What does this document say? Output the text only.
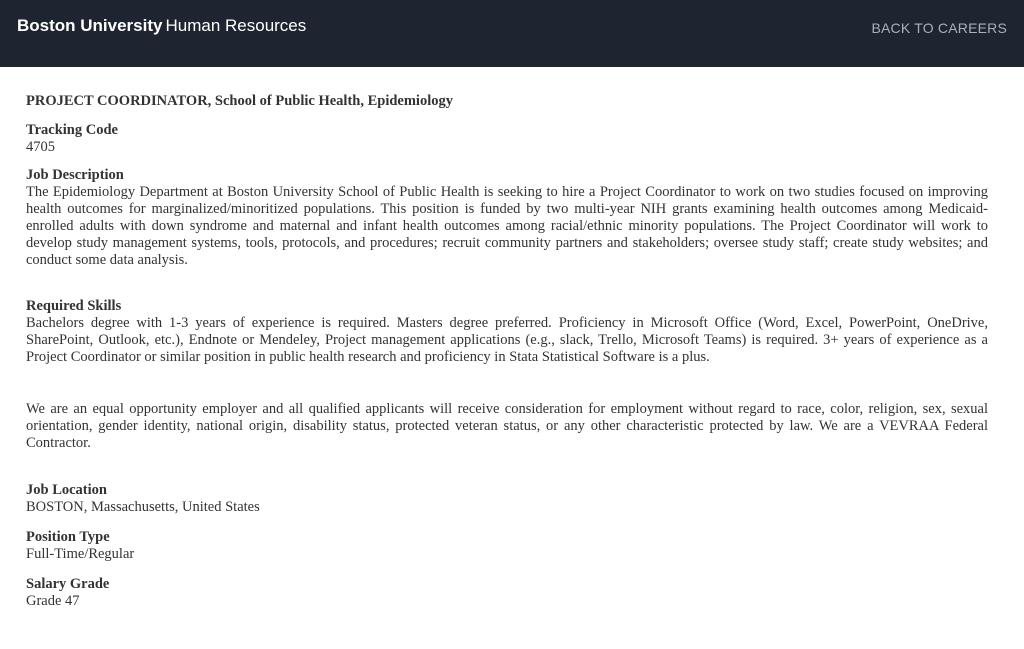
Boston University Human Resources	BACK TO CAREERS
PROJECT COORDINATOR, School of Public Health, Epidemiology
Tracking Code
4705
Job Description
The Epidemiology Department at Boston University School of Public Health is seeking to hire a Project Coordinator to work on two studies focused on improving health outcomes for marginalized/minoritized populations. This position is funded by two multi-year NIH grants examining health outcomes among Medicaid-enrolled adults with down syndrome and maternal and infant health outcomes among racial/ethnic minority populations. The Project Coordinator will work to develop study management systems, tools, protocols, and procedures; recruit community partners and stakeholders; oversee study staff; create study websites; and conduct some data analysis.
Required Skills
Bachelors degree with 1-3 years of experience is required. Masters degree preferred. Proficiency in Microsoft Office (Word, Excel, PowerPoint, OneDrive, SharePoint, Outlook, etc.), Endnote or Mendeley, Project management applications (e.g., slack, Trello, Microsoft Teams) is required. 3+ years of experience as a Project Coordinator or similar position in public health research and proficiency in Stata Statistical Software is a plus.
We are an equal opportunity employer and all qualified applicants will receive consideration for employment without regard to race, color, religion, sex, sexual orientation, gender identity, national origin, disability status, protected veteran status, or any other characteristic protected by law. We are a VEVRAA Federal Contractor.
Job Location
BOSTON, Massachusetts, United States
Position Type
Full-Time/Regular
Salary Grade
Grade 47
